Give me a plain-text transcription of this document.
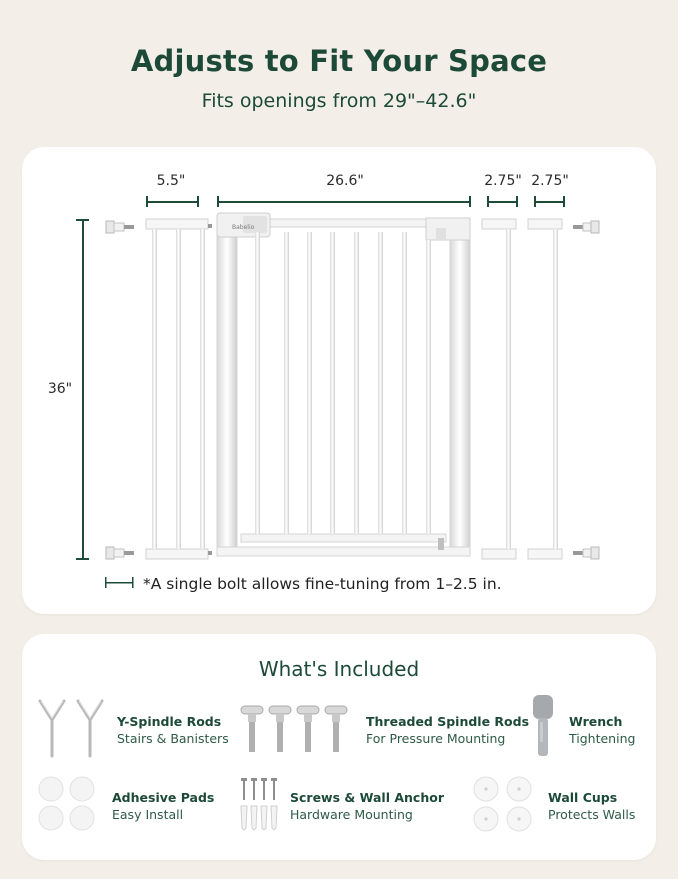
Adjusts to Fit Your Space
Fits openings from 29"–42.6"
5.5"	26.6"	2.75" 2.75"
36"
Babelio
*A single bolt allows fine-tuning from 1–2.5 in.
What's Included
Y-Spindle Rods
Stairs & Banisters
Threaded Spindle Rods
For Pressure Mounting
Wrench
Tightening
Adhesive Pads
Easy Install
Screws & Wall Anchor
Hardware Mounting
Wall Cups
Protects Walls
